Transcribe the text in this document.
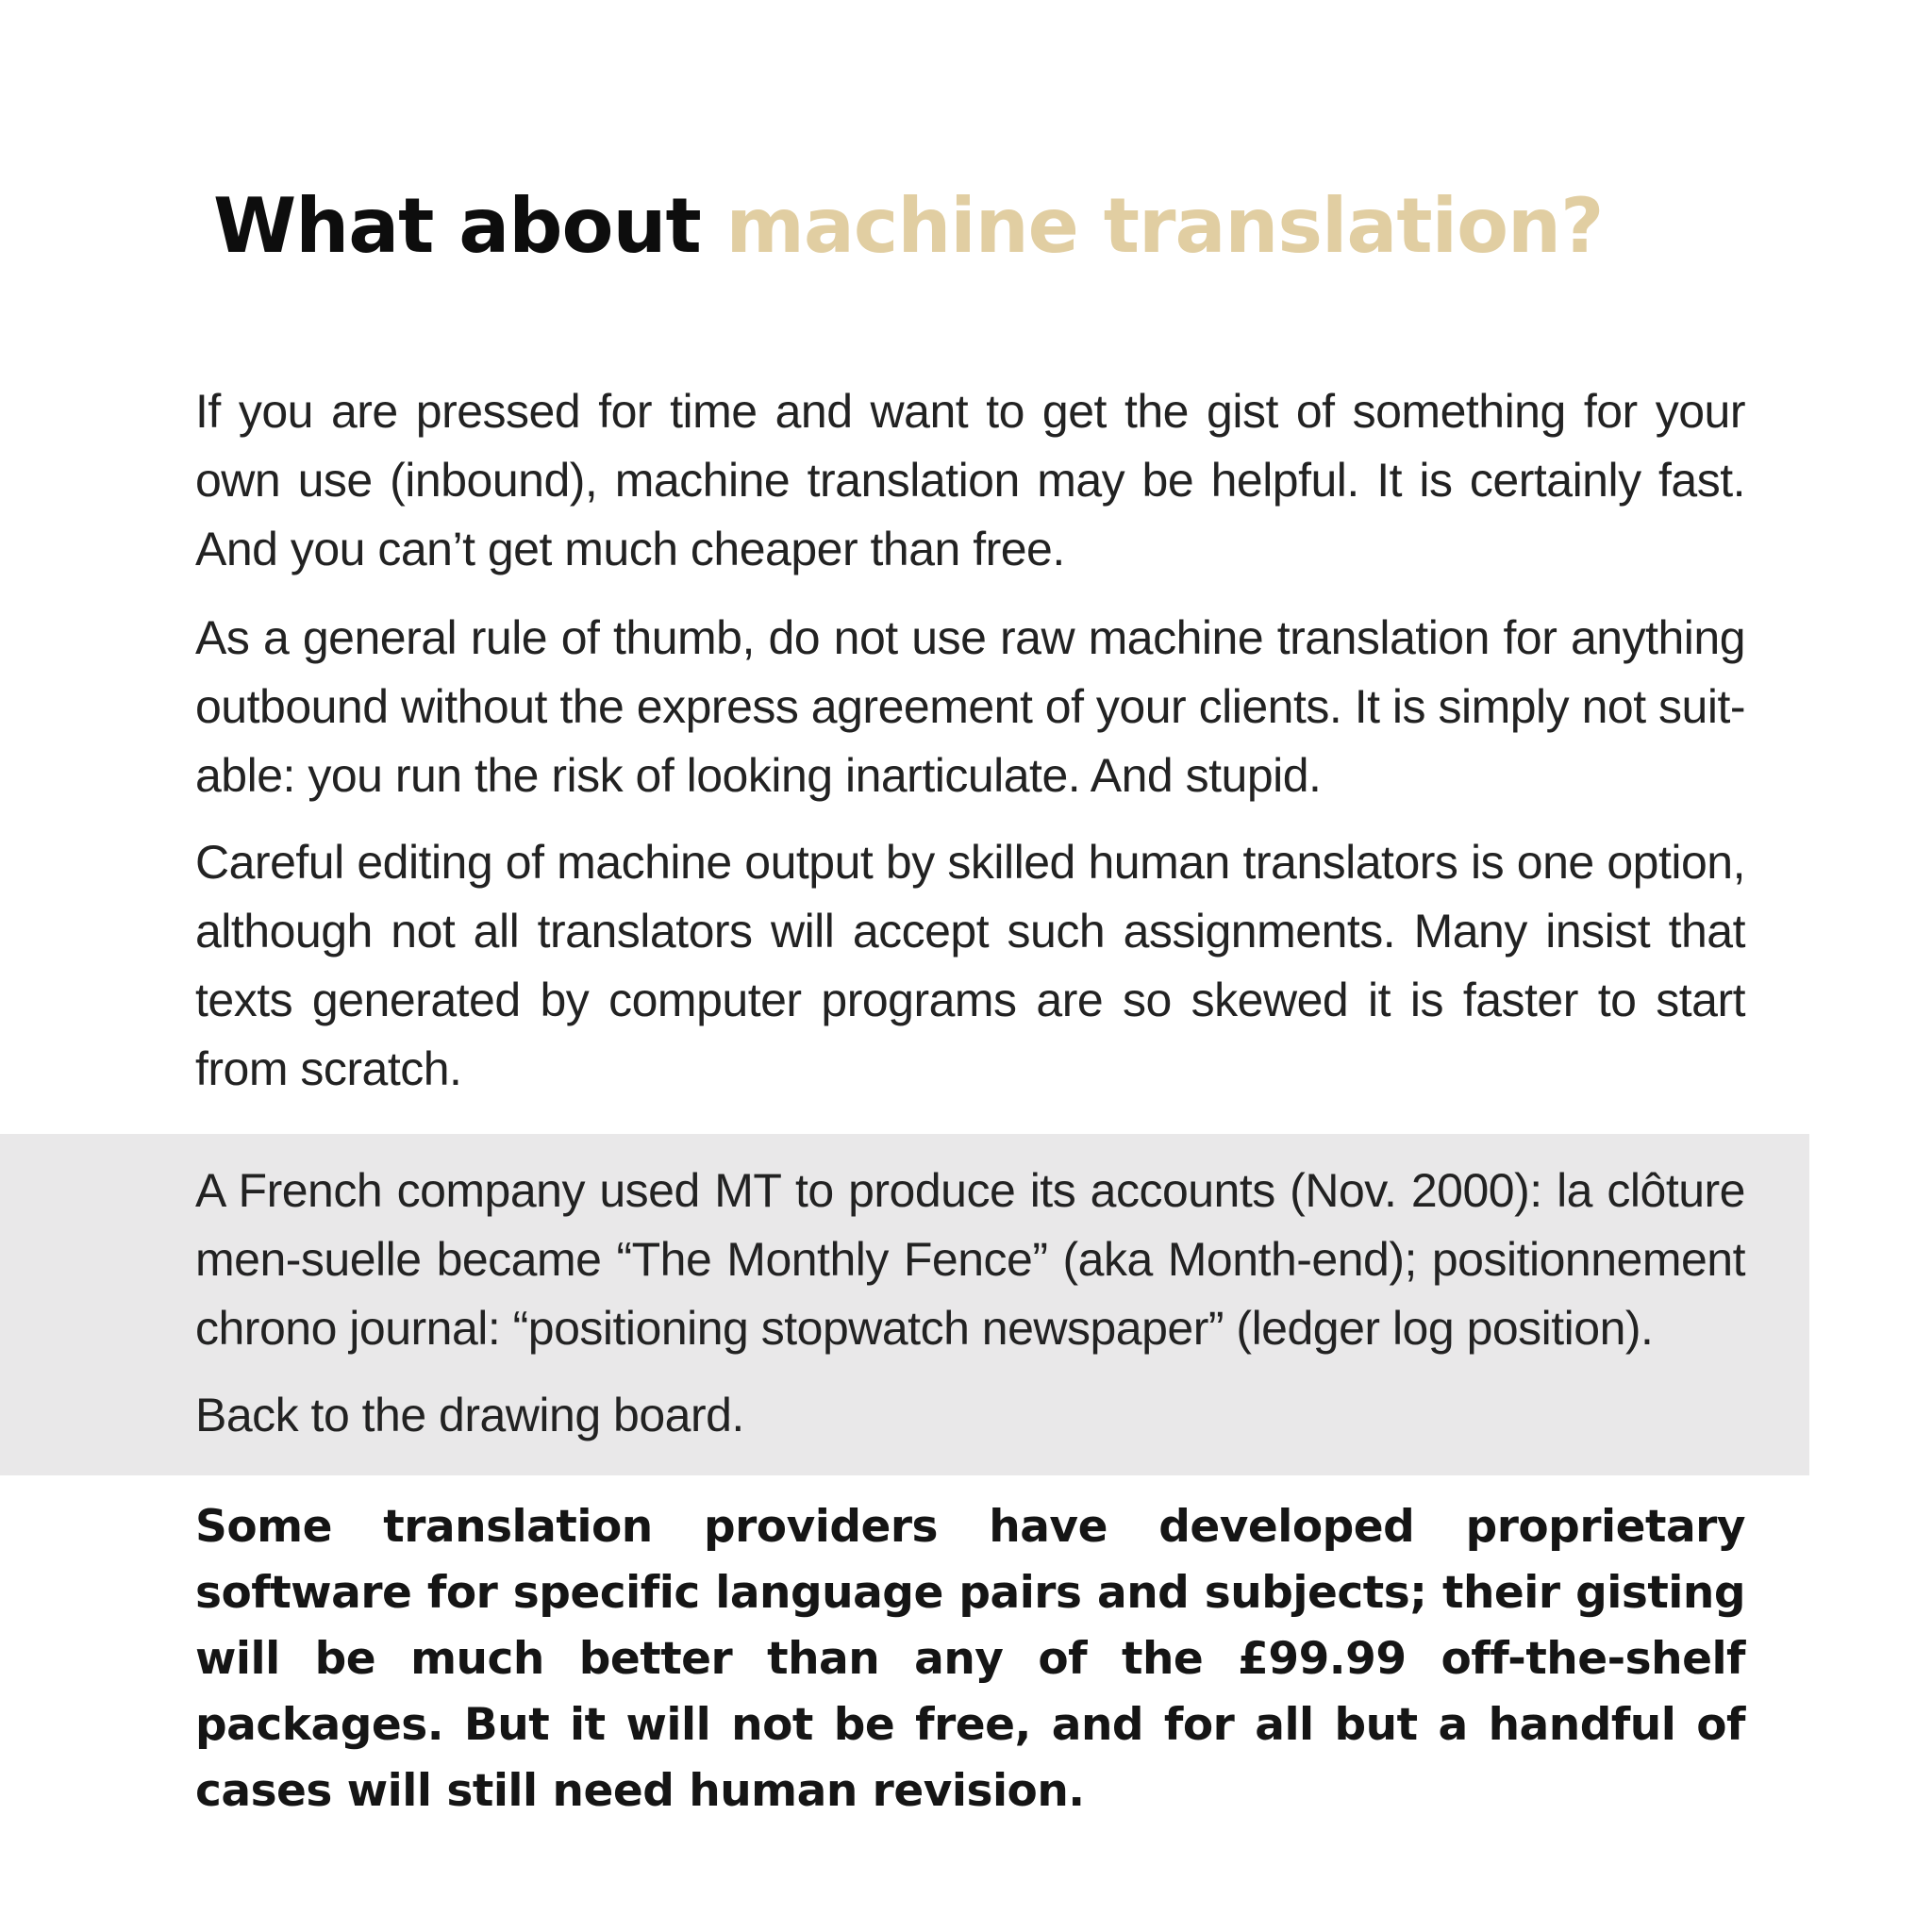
What about machine translation?

If you are pressed for time and want to get the gist of something for your own use (inbound), machine translation may be helpful. It is certainly fast. And you can’t get much cheaper than free.

As a general rule of thumb, do not use raw machine translation for anything outbound without the express agreement of your clients. It is simply not suit-able: you run the risk of looking inarticulate. And stupid.

Careful editing of machine output by skilled human translators is one option, although not all translators will accept such assignments. Many insist that texts generated by computer programs are so skewed it is faster to start from scratch.

A French company used MT to produce its accounts (Nov. 2000): la clôture men-suelle became “The Monthly Fence” (aka Month-end); positionnement chrono journal: “positioning stopwatch newspaper” (ledger log position).

Back to the drawing board.

Some translation providers have developed proprietary software for specific language pairs and subjects; their gisting will be much better than any of the £99.99 off-the-shelf packages. But it will not be free, and for all but a handful of cases will still need human revision.
